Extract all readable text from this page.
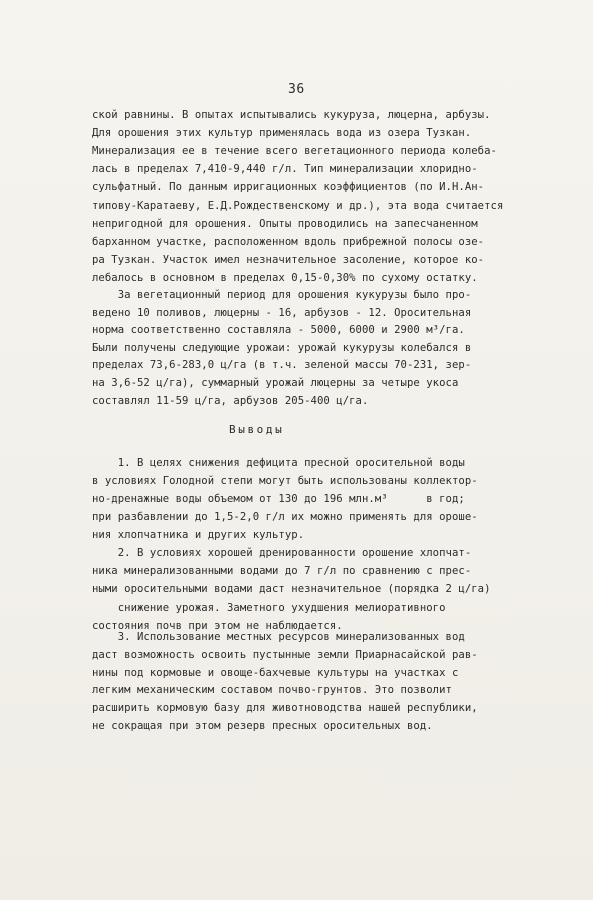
36
ской равнины. В опытах испытывались кукуруза, люцерна, арбузы.
Для орошения этих культур применялась вода из озера Тузкан.
Минерализация ее в течение всего вегетационного периода колеба-
лась в пределах 7,410-9,440 г/л. Тип минерализации хлоридно-
сульфатный. По данным ирригационных коэффициентов (по И.Н.Ан-
типову-Каратаеву, Е.Д.Рождественскому и др.), эта вода считается
непригодной для орошения. Опыты проводились на запесчаненном
барханном участке, расположенном вдоль прибрежной полосы озе-
ра Тузкан. Участок имел незначительное засоление, которое ко-
лебалось в основном в пределах 0,15-0,30% по сухому остатку.
За вегетационный период для орошения кукурузы было про-
ведено 10 поливов, люцерны - 16, арбузов - 12. Оросительная
норма соответственно составляла - 5000, 6000 и 2900 м³/га.
Были получены следующие урожаи: урожай кукурузы колебался в
пределах 73,6-283,0 ц/га (в т.ч. зеленой массы 70-231, зер-
на 3,6-52 ц/га), суммарный урожай люцерны за четыре укоса
составлял 11-59 ц/га, арбузов 205-400 ц/га.
Выводы
1. В целях снижения дефицита пресной оросительной воды
в условиях Голодной степи могут быть использованы коллектор-
но-дренажные воды объемом от 130 до 196 млн.м³      в год;
при разбавлении до 1,5-2,0 г/л их можно применять для ороше-
ния хлопчатника и других культур.
2. В условиях хорошей дренированности орошение хлопчат-
ника минерализованными водами до 7 г/л по сравнению с прес-
ными оросительными водами даст незначительное (порядка 2 ц/га)
снижение урожая. Заметного ухудшения мелиоративного
состояния почв при этом не наблюдается.
3. Использование местных ресурсов минерализованных вод
даст возможность освоить пустынные земли Приарнасайской рав-
нины под кормовые и овоще-бахчевые культуры на участках с
легким механическим составом почво-грунтов. Это позволит
расширить кормовую базу для животноводства нашей республики,
не сокращая при этом резерв пресных оросительных вод.
